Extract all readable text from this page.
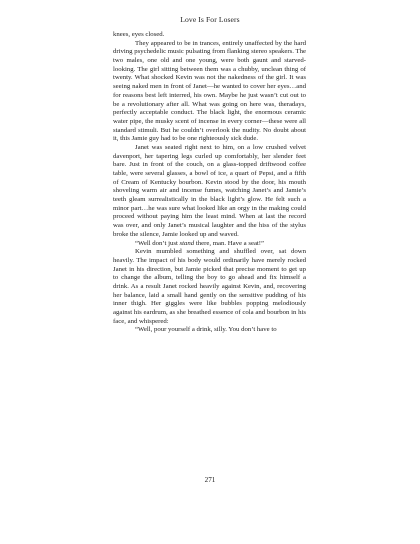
Love Is For Losers

knees, eyes closed.

They appeared to be in trances, entirely unaffected by the hard driving psychedelic music pulsating from flanking stereo speakers. The two males, one old and one young, were both gaunt and starved-looking. The girl sitting between them was a chubby, unclean thing of twenty. What shocked Kevin was not the nakedness of the girl. It was seeing naked men in front of Janet—he wanted to cover her eyes…and for reasons best left interred, his own. Maybe he just wasn’t cut out to be a revolutionary after all. What was going on here was, theradays, perfectly acceptable conduct. The black light, the enormous ceramic water pipe, the musky scent of incense in every corner—these were all standard stimuli. But he couldn’t overlook the nudity. No doubt about it, this Jamie guy had to be one righteously sick dude.

Janet was seated right next to him, on a low crushed velvet davenport, her tapering legs curled up comfortably, her slender feet bare. Just in front of the couch, on a glass-topped driftwood coffee table, were several glasses, a bowl of ice, a quart of Pepsi, and a fifth of Cream of Kentucky bourbon. Kevin stood by the door, his mouth shoveling warm air and incense fumes, watching Janet’s and Jamie’s teeth gleam surrealistically in the black light’s glow. He felt such a minor part…he was sure what looked like an orgy in the making could proceed without paying him the least mind. When at last the record was over, and only Janet’s musical laughter and the hiss of the stylus broke the silence, Jamie looked up and waved.

“Well don’t just stand there, man. Have a seat!”

Kevin mumbled something and shuffled over, sat down heavily. The impact of his body would ordinarily have merely rocked Janet in his direction, but Jamie picked that precise moment to get up to change the album, telling the boy to go ahead and fix himself a drink. As a result Janet rocked heavily against Kevin, and, recovering her balance, laid a small hand gently on the sensitive pudding of his inner thigh. Her giggles were like bubbles popping melodiously against his eardrum, as she breathed essence of cola and bourbon in his face, and whispered:

“Well, pour yourself a drink, silly. You don’t have to

271
